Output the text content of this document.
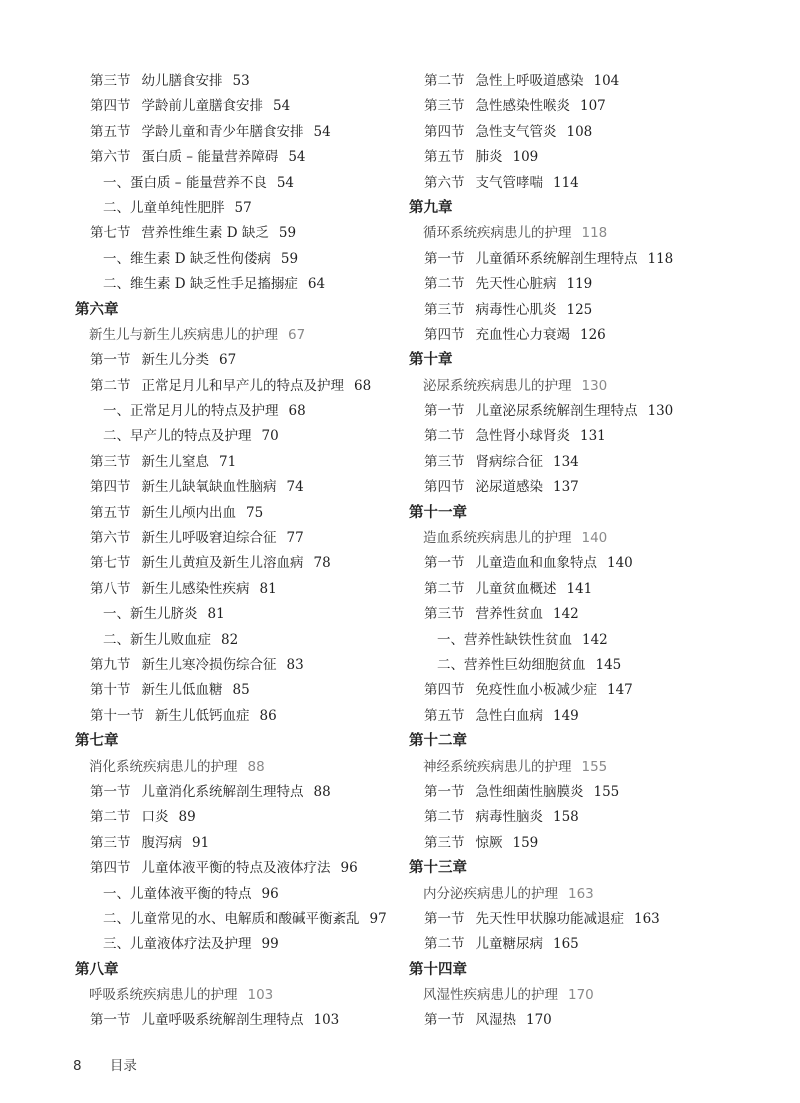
第三节 幼儿膳食安排 53
第四节 学龄前儿童膳食安排 54
第五节 学龄儿童和青少年膳食安排 54
第六节 蛋白质 – 能量营养障碍 54
一、蛋白质 – 能量营养不良 54
二、儿童单纯性肥胖 57
第七节 营养性维生素 D 缺乏 59
一、维生素 D 缺乏性佝偻病 59
二、维生素 D 缺乏性手足搐搦症 64
第六章
新生儿与新生儿疾病患儿的护理 67
第一节 新生儿分类 67
第二节 正常足月儿和早产儿的特点及护理 68
一、正常足月儿的特点及护理 68
二、早产儿的特点及护理 70
第三节 新生儿窒息 71
第四节 新生儿缺氧缺血性脑病 74
第五节 新生儿颅内出血 75
第六节 新生儿呼吸窘迫综合征 77
第七节 新生儿黄疸及新生儿溶血病 78
第八节 新生儿感染性疾病 81
一、新生儿脐炎 81
二、新生儿败血症 82
第九节 新生儿寒冷损伤综合征 83
第十节 新生儿低血糖 85
第十一节 新生儿低钙血症 86
第七章
消化系统疾病患儿的护理 88
第一节 儿童消化系统解剖生理特点 88
第二节 口炎 89
第三节 腹泻病 91
第四节 儿童体液平衡的特点及液体疗法 96
一、儿童体液平衡的特点 96
二、儿童常见的水、电解质和酸碱平衡紊乱 97
三、儿童液体疗法及护理 99
第八章
呼吸系统疾病患儿的护理 103
第一节 儿童呼吸系统解剖生理特点 103
第二节 急性上呼吸道感染 104
第三节 急性感染性喉炎 107
第四节 急性支气管炎 108
第五节 肺炎 109
第六节 支气管哮喘 114
第九章
循环系统疾病患儿的护理 118
第一节 儿童循环系统解剖生理特点 118
第二节 先天性心脏病 119
第三节 病毒性心肌炎 125
第四节 充血性心力衰竭 126
第十章
泌尿系统疾病患儿的护理 130
第一节 儿童泌尿系统解剖生理特点 130
第二节 急性肾小球肾炎 131
第三节 肾病综合征 134
第四节 泌尿道感染 137
第十一章
造血系统疾病患儿的护理 140
第一节 儿童造血和血象特点 140
第二节 儿童贫血概述 141
第三节 营养性贫血 142
一、营养性缺铁性贫血 142
二、营养性巨幼细胞贫血 145
第四节 免疫性血小板减少症 147
第五节 急性白血病 149
第十二章
神经系统疾病患儿的护理 155
第一节 急性细菌性脑膜炎 155
第二节 病毒性脑炎 158
第三节 惊厥 159
第十三章
内分泌疾病患儿的护理 163
第一节 先天性甲状腺功能减退症 163
第二节 儿童糖尿病 165
第十四章
风湿性疾病患儿的护理 170
第一节 风湿热 170
8 目录
